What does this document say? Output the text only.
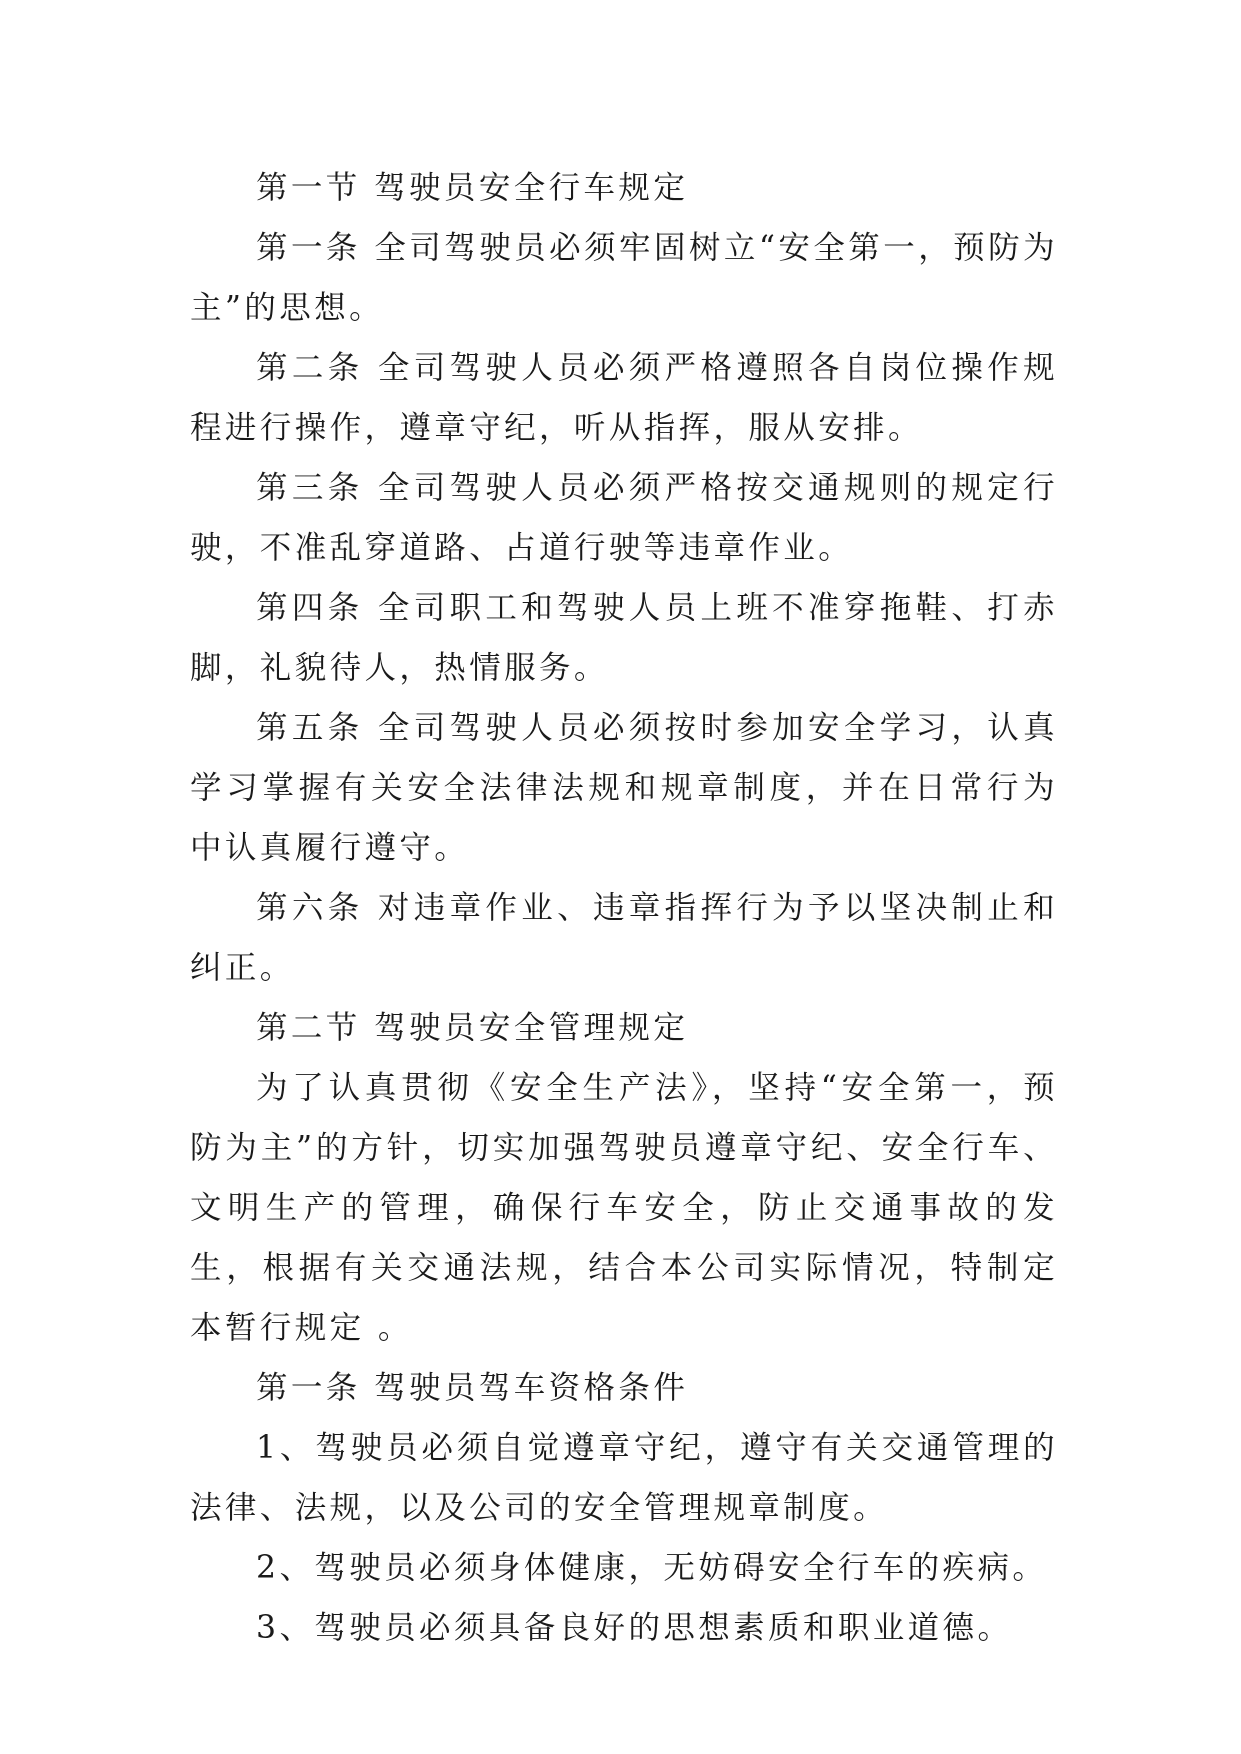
第一节 驾驶员安全行车规定

第一条 全司驾驶员必须牢固树立“安全第一，预防为主”的思想。

第二条 全司驾驶人员必须严格遵照各自岗位操作规程进行操作，遵章守纪，听从指挥，服从安排。

第三条 全司驾驶人员必须严格按交通规则的规定行驶，不准乱穿道路、占道行驶等违章作业。

第四条 全司职工和驾驶人员上班不准穿拖鞋、打赤脚，礼貌待人，热情服务。

第五条 全司驾驶人员必须按时参加安全学习，认真学习掌握有关安全法律法规和规章制度，并在日常行为中认真履行遵守。

第六条 对违章作业、违章指挥行为予以坚决制止和纠正。

第二节 驾驶员安全管理规定

为了认真贯彻《安全生产法》，坚持“安全第一，预防为主”的方针，切实加强驾驶员遵章守纪、安全行车、文明生产的管理，确保行车安全，防止交通事故的发生，根据有关交通法规，结合本公司实际情况，特制定本暂行规定 。

第一条 驾驶员驾车资格条件

1、驾驶员必须自觉遵章守纪，遵守有关交通管理的法律、法规，以及公司的安全管理规章制度。

2、驾驶员必须身体健康，无妨碍安全行车的疾病。

3、驾驶员必须具备良好的思想素质和职业道德。
